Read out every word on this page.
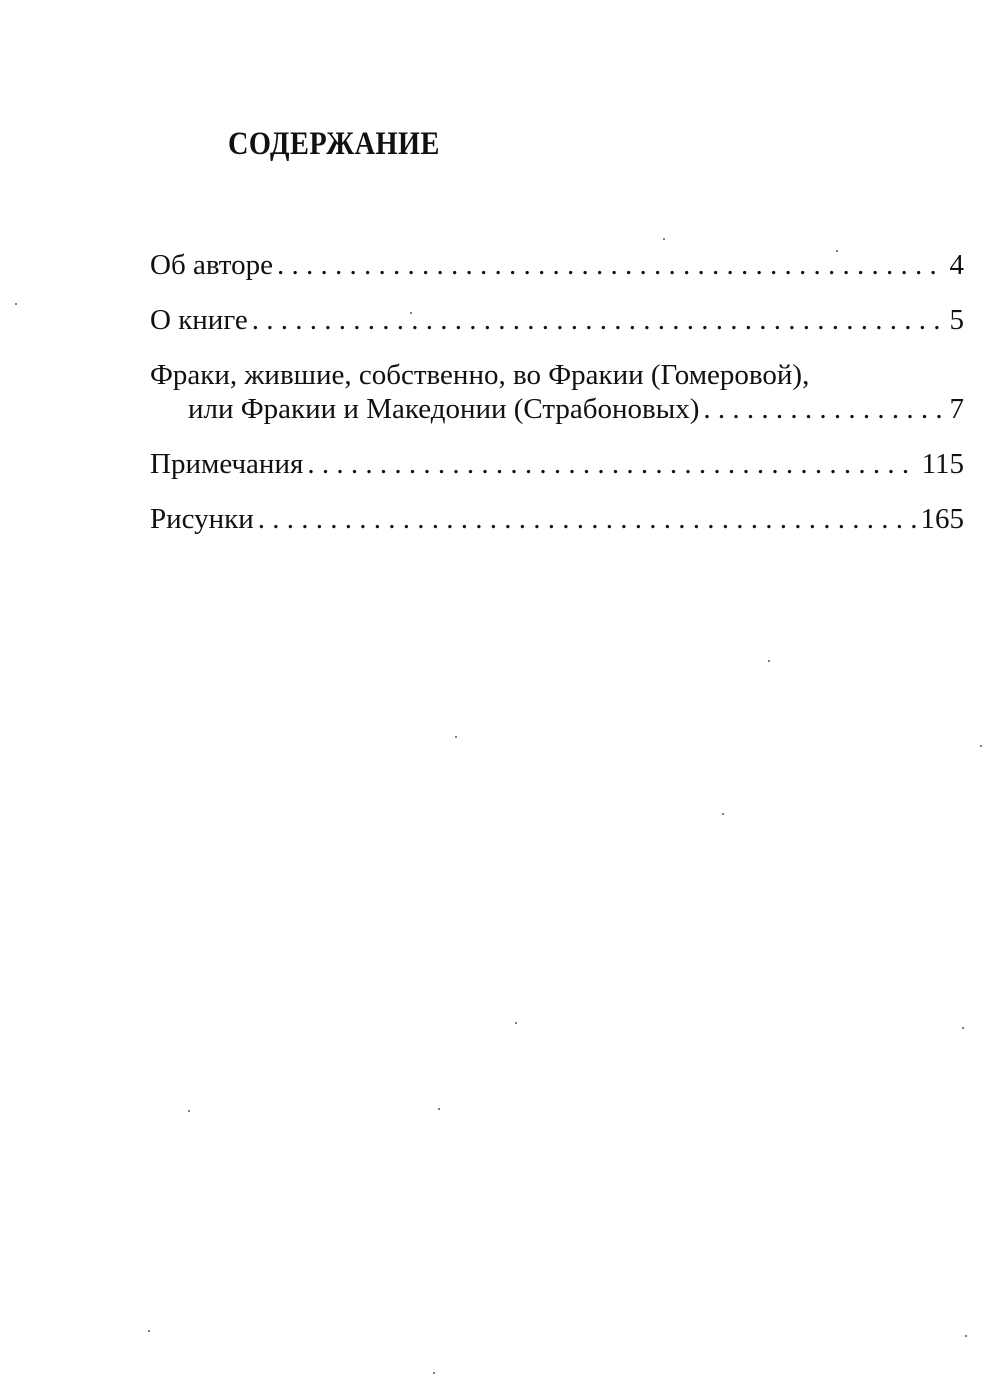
СОДЕРЖАНИЕ
Об авторе . . .	4
О книге . . .	5
Фраки, жившие, собственно, во Фракии (Гомеровой),
или Фракии и Македонии (Страбоновых) . . .	7
Примечания . . .	115
Рисунки . . .	165
